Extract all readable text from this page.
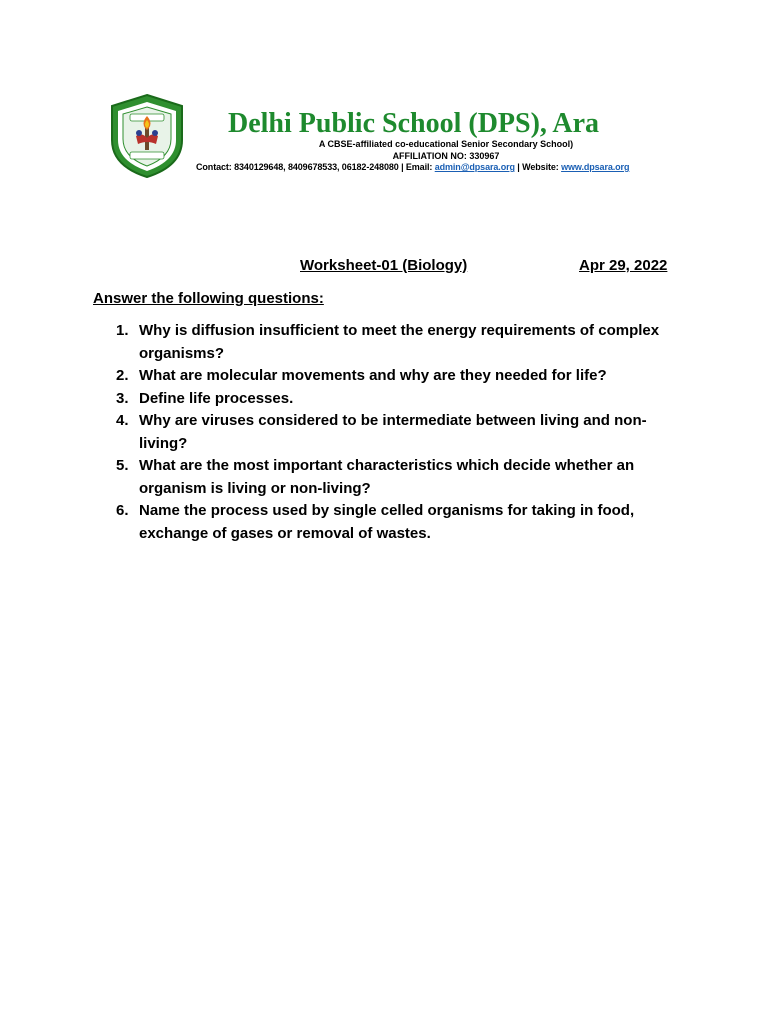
Delhi Public School (DPS), Ara
A CBSE-affiliated co-educational Senior Secondary School)
AFFILIATION NO: 330967
Contact: 8340129648, 8409678533, 06182-248080 | Email: admin@dpsara.org | Website: www.dpsara.org
Worksheet-01 (Biology)	Apr 29, 2022
Answer the following questions:
1. Why is diffusion insufficient to meet the energy requirements of complex organisms?
2. What are molecular movements and why are they needed for life?
3. Define life processes.
4. Why are viruses considered to be intermediate between living and non-living?
5. What are the most important characteristics which decide whether an organism is living or non-living?
6. Name the process used by single celled organisms for taking in food, exchange of gases or removal of wastes.
